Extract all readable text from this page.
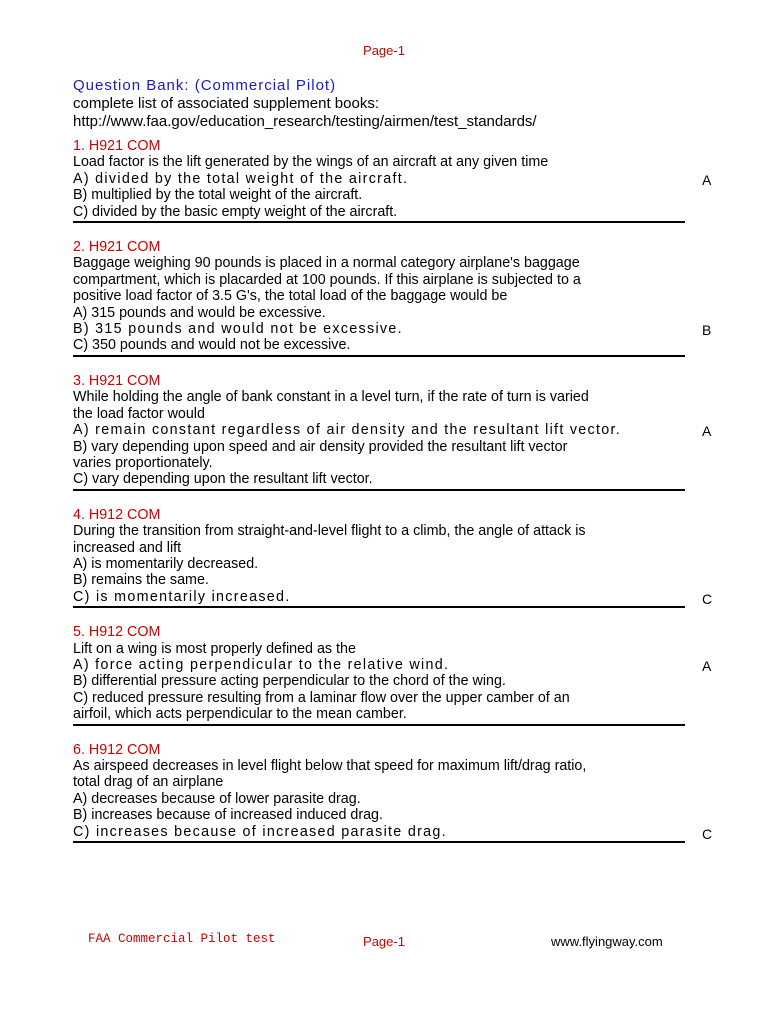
Page-1
Question Bank: (Commercial Pilot)
complete list of associated supplement books:
http://www.faa.gov/education_research/testing/airmen/test_standards/
1. H921 COM
Load factor is the lift generated by the wings of an aircraft at any given time
A) divided by the total weight of the aircraft.
B) multiplied by the total weight of the aircraft.
C) divided by the basic empty weight of the aircraft.
A
2. H921 COM
Baggage weighing 90 pounds is placed in a normal category airplane's baggage
compartment, which is placarded at 100 pounds. If this airplane is subjected to a
positive load factor of 3.5 G's, the total load of the baggage would be
A) 315 pounds and would be excessive.
B) 315 pounds and would not be excessive.
C) 350 pounds and would not be excessive.
B
3. H921 COM
While holding the angle of bank constant in a level turn, if the rate of turn is varied
the load factor would
A) remain constant regardless of air density and the resultant lift vector.
B) vary depending upon speed and air density provided the resultant lift vector
varies proportionately.
C) vary depending upon the resultant lift vector.
A
4. H912 COM
During the transition from straight-and-level flight to a climb, the angle of attack is
increased and lift
A) is momentarily decreased.
B) remains the same.
C) is momentarily increased.	C
5. H912 COM
Lift on a wing is most properly defined as the
A) force acting perpendicular to the relative wind.
B) differential pressure acting perpendicular to the chord of the wing.
C) reduced pressure resulting from a laminar flow over the upper camber of an
airfoil, which acts perpendicular to the mean camber.
A
6. H912 COM
As airspeed decreases in level flight below that speed for maximum lift/drag ratio,
total drag of an airplane
A) decreases because of lower parasite drag.
B) increases because of increased induced drag.
C) increases because of increased parasite drag.	C
FAA Commercial Pilot test	Page-1	www.flyingway.com
